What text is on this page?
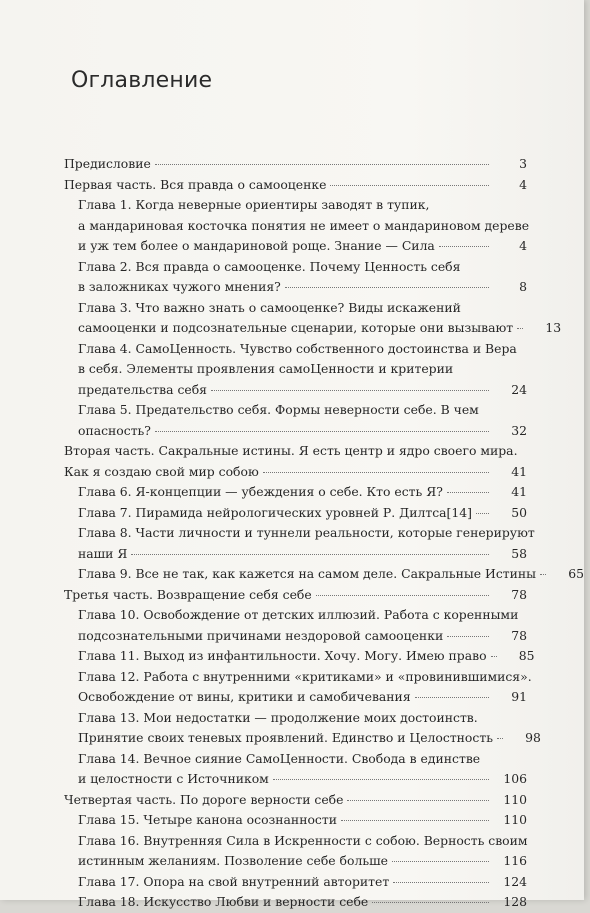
Оглавление
Предисловие	3
Первая часть. Вся правда о самооценке	4
Глава 1. Когда неверные ориентиры заводят в тупик,
а мандариновая косточка понятия не имеет о мандариновом дереве
и уж тем более о мандариновой роще. Знание — Сила	4
Глава 2. Вся правда о самооценке. Почему Ценность себя
в заложниках чужого мнения?	8
Глава 3. Что важно знать о самооценке? Виды искажений
самооценки и подсознательные сценарии, которые они вызывают	13
Глава 4. СамоЦенность. Чувство собственного достоинства и Вера
в себя. Элементы проявления самоЦенности и критерии
предательства себя	24
Глава 5. Предательство себя. Формы неверности себе. В чем
опасность?	32
Вторая часть. Сакральные истины. Я есть центр и ядро своего мира.
Как я создаю свой мир собою	41
Глава 6. Я-концепции — убеждения о себе. Кто есть Я?	41
Глава 7. Пирамида нейрологических уровней Р. Дилтса[14]	50
Глава 8. Части личности и туннели реальности, которые генерируют
наши Я	58
Глава 9. Все не так, как кажется на самом деле. Сакральные Истины	65
Третья часть. Возвращение себя себе	78
Глава 10. Освобождение от детских иллюзий. Работа с коренными
подсознательными причинами нездоровой самооценки	78
Глава 11. Выход из инфантильности. Хочу. Могу. Имею право	85
Глава 12. Работа с внутренними «критиками» и «провинившимися».
Освобождение от вины, критики и самобичевания	91
Глава 13. Мои недостатки — продолжение моих достоинств.
Принятие своих теневых проявлений. Единство и Целостность	98
Глава 14. Вечное сияние СамоЦенности. Свобода в единстве
и целостности с Источником	106
Четвертая часть. По дороге верности себе	110
Глава 15. Четыре канона осознанности	110
Глава 16. Внутренняя Сила в Искренности с собою. Верность своим
истинным желаниям. Позволение себе больше	116
Глава 17. Опора на свой внутренний авторитет	124
Глава 18. Искусство Любви и верности себе	128
